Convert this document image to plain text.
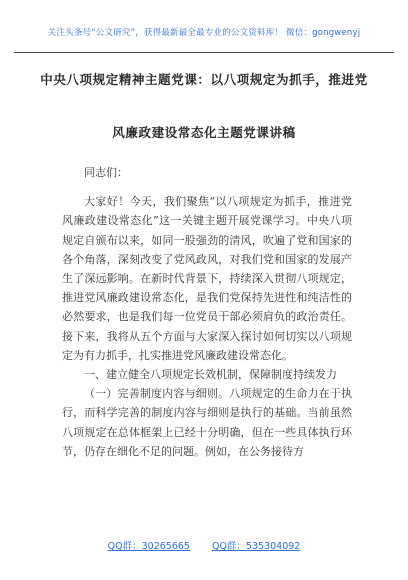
关注头条号“公文研究”，获得最新最全最专业的公文资料库！ 微信：gongwenyj
中央八项规定精神主题党课：以八项规定为抓手，推进党
风廉政建设常态化主题党课讲稿

同志们：

大家好！今天，我们聚焦“以八项规定为抓手，推进党风廉政建设常态化”这一关键主题开展党课学习。中央八项规定自颁布以来，如同一股强劲的清风，吹遍了党和国家的各个角落，深刻改变了党风政风，对我们党和国家的发展产生了深远影响。在新时代背景下，持续深入贯彻八项规定，推进党风廉政建设常态化，是我们党保持先进性和纯洁性的必然要求，也是我们每一位党员干部必须肩负的政治责任。接下来，我将从五个方面与大家深入探讨如何切实以八项规定为有力抓手，扎实推进党风廉政建设常态化。

一、建立健全八项规定长效机制，保障制度持续发力

（一）完善制度内容与细则。八项规定的生命力在于执行，而科学完善的制度内容与细则是执行的基础。当前虽然八项规定在总体框架上已经十分明确，但在一些具体执行环节，仍存在细化不足的问题。例如，在公务接待方

QQ群：30265665 QQ群：535304092
